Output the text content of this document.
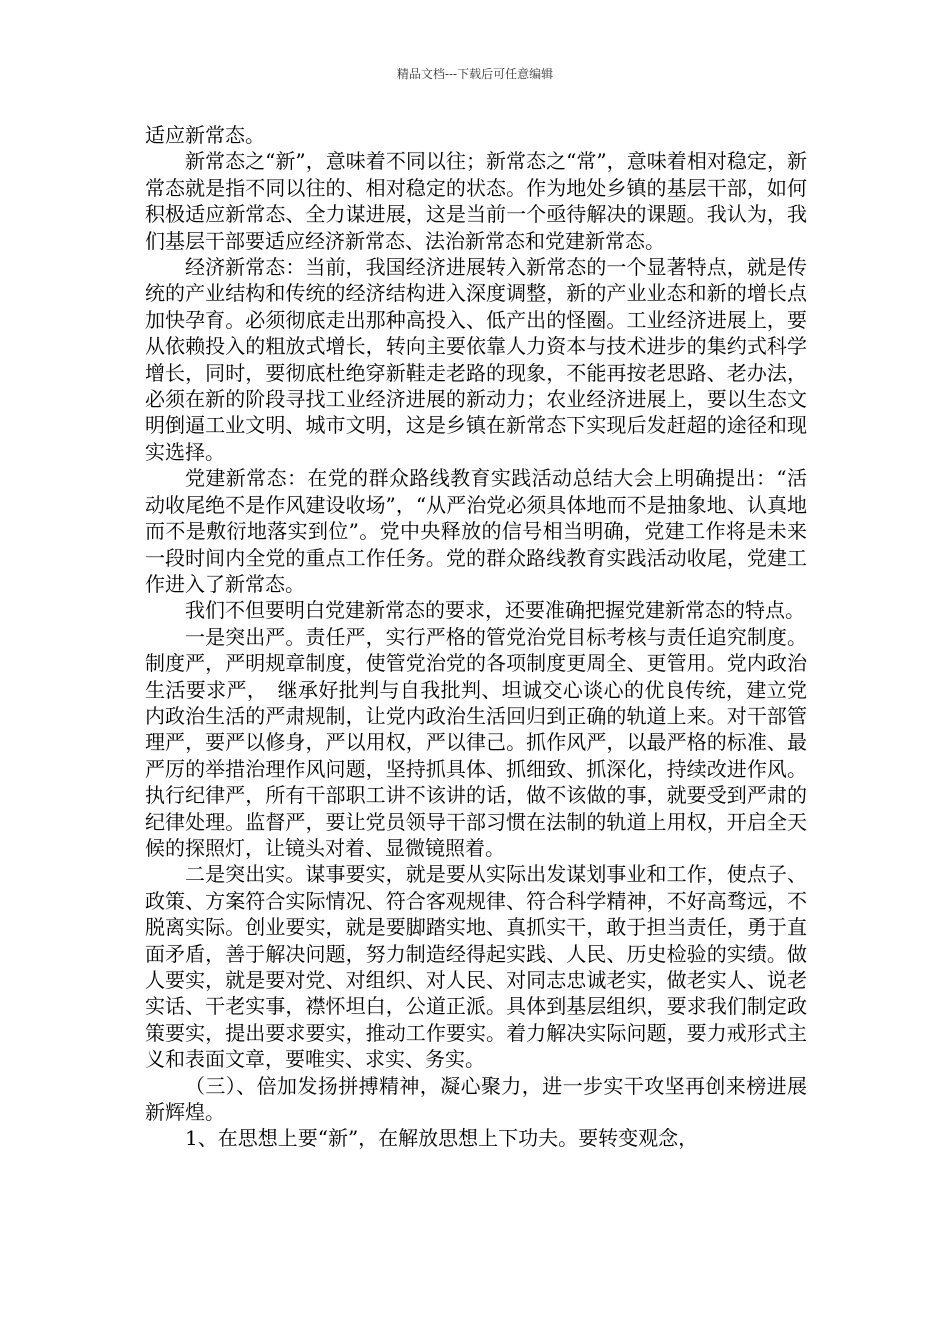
精品文档---下载后可任意编辑

适应新常态。

新常态之“新”，意味着不同以往；新常态之“常”，意味着相对稳定，新常态就是指不同以往的、相对稳定的状态。作为地处乡镇的基层干部，如何积极适应新常态、全力谋进展，这是当前一个亟待解决的课题。我认为，我们基层干部要适应经济新常态、法治新常态和党建新常态。

经济新常态：当前，我国经济进展转入新常态的一个显著特点，就是传统的产业结构和传统的经济结构进入深度调整，新的产业业态和新的增长点加快孕育。必须彻底走出那种高投入、低产出的怪圈。工业经济进展上，要从依赖投入的粗放式增长，转向主要依靠人力资本与技术进步的集约式科学增长，同时，要彻底杜绝穿新鞋走老路的现象，不能再按老思路、老办法，必须在新的阶段寻找工业经济进展的新动力；农业经济进展上，要以生态文明倒逼工业文明、城市文明，这是乡镇在新常态下实现后发赶超的途径和现实选择。

党建新常态：在党的群众路线教育实践活动总结大会上明确提出：“活动收尾绝不是作风建设收场”，“从严治党必须具体地而不是抽象地、认真地而不是敷衍地落实到位”。党中央释放的信号相当明确，党建工作将是未来一段时间内全党的重点工作任务。党的群众路线教育实践活动收尾，党建工作进入了新常态。

我们不但要明白党建新常态的要求，还要准确把握党建新常态的特点。

一是突出严。责任严，实行严格的管党治党目标考核与责任追究制度。制度严，严明规章制度，使管党治党的各项制度更周全、更管用。党内政治生活要求严，　继承好批判与自我批判、坦诚交心谈心的优良传统，建立党内政治生活的严肃规制，让党内政治生活回归到正确的轨道上来。对干部管理严，要严以修身，严以用权，严以律己。抓作风严，以最严格的标准、最严厉的举措治理作风问题，坚持抓具体、抓细致、抓深化，持续改进作风。执行纪律严，所有干部职工讲不该讲的话，做不该做的事，就要受到严肃的纪律处理。监督严，要让党员领导干部习惯在法制的轨道上用权，开启全天候的探照灯，让镜头对着、显微镜照着。

二是突出实。谋事要实，就是要从实际出发谋划事业和工作，使点子、政策、方案符合实际情况、符合客观规律、符合科学精神，不好高骛远，不脱离实际。创业要实，就是要脚踏实地、真抓实干，敢于担当责任，勇于直面矛盾，善于解决问题，努力制造经得起实践、人民、历史检验的实绩。做人要实，就是要对党、对组织、对人民、对同志忠诚老实，做老实人、说老实话、干老实事，襟怀坦白，公道正派。具体到基层组织，要求我们制定政策要实，提出要求要实，推动工作要实。着力解决实际问题，要力戒形式主义和表面文章，要唯实、求实、务实。

（三）、倍加发扬拼搏精神，凝心聚力，进一步实干攻坚再创来榜进展新辉煌。

1、在思想上要“新”，在解放思想上下功夫。要转变观念，
